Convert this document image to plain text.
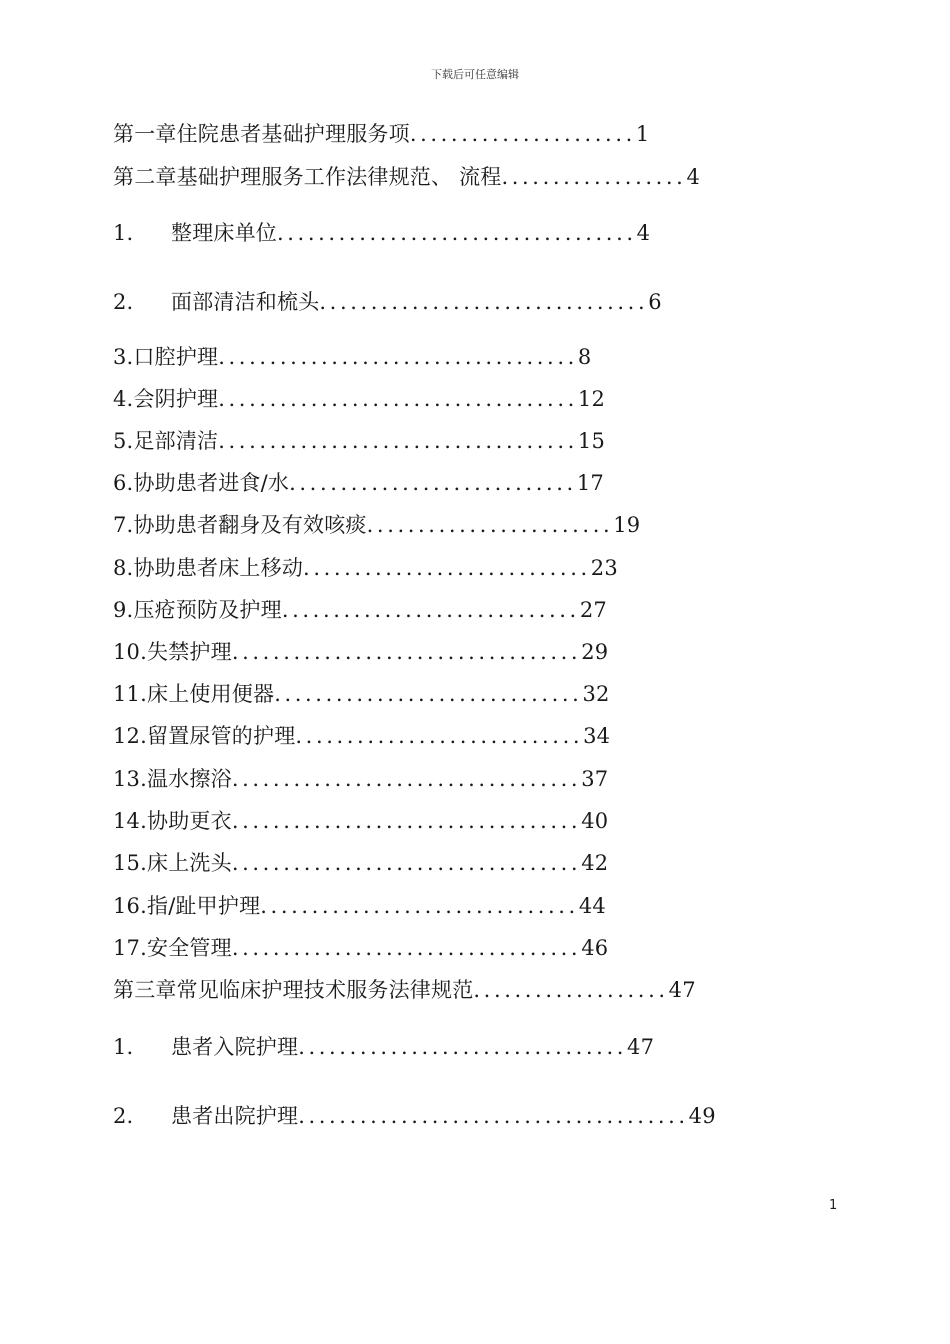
下载后可任意编辑
第一章住院患者基础护理服务项......................1
第二章基础护理服务工作法律规范、 流程..................4
1. 整理床单位...................................4
2. 面部清洁和梳头................................6
3.口腔护理...................................8
4.会阴护理...................................12
5.足部清洁...................................15
6.协助患者进食/水............................17
7.协助患者翻身及有效咳痰........................19
8.协助患者床上移动............................23
9.压疮预防及护理.............................27
10.失禁护理..................................29
11.床上使用便器..............................32
12.留置尿管的护理............................34
13.温水擦浴..................................37
14.协助更衣..................................40
15.床上洗头..................................42
16.指/趾甲护理...............................44
17.安全管理..................................46
第三章常见临床护理技术服务法律规范...................47
1. 患者入院护理................................47
2. 患者出院护理......................................49
1
